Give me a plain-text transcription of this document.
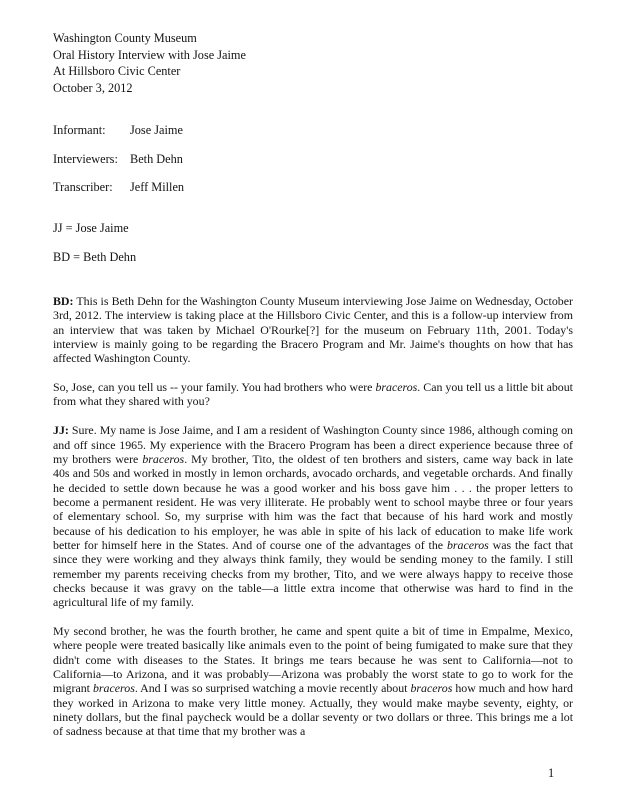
Washington County Museum
Oral History Interview with Jose Jaime
At Hillsboro Civic Center
October 3, 2012
Informant: Jose Jaime
Interviewers: Beth Dehn
Transcriber: Jeff Millen
JJ = Jose Jaime
BD = Beth Dehn

BD: This is Beth Dehn for the Washington County Museum interviewing Jose Jaime on Wednesday, October 3rd, 2012. The interview is taking place at the Hillsboro Civic Center, and this is a follow-up interview from an interview that was taken by Michael O'Rourke[?] for the museum on February 11th, 2001. Today's interview is mainly going to be regarding the Bracero Program and Mr. Jaime's thoughts on how that has affected Washington County.

So, Jose, can you tell us -- your family. You had brothers who were braceros. Can you tell us a little bit about from what they shared with you?

JJ: Sure. My name is Jose Jaime, and I am a resident of Washington County since 1986, although coming on and off since 1965. My experience with the Bracero Program has been a direct experience because three of my brothers were braceros. My brother, Tito, the oldest of ten brothers and sisters, came way back in late 40s and 50s and worked in mostly in lemon orchards, avocado orchards, and vegetable orchards. And finally he decided to settle down because he was a good worker and his boss gave him . . . the proper letters to become a permanent resident. He was very illiterate. He probably went to school maybe three or four years of elementary school. So, my surprise with him was the fact that because of his hard work and mostly because of his dedication to his employer, he was able in spite of his lack of education to make life work better for himself here in the States. And of course one of the advantages of the braceros was the fact that since they were working and they always think family, they would be sending money to the family. I still remember my parents receiving checks from my brother, Tito, and we were always happy to receive those checks because it was gravy on the table—a little extra income that otherwise was hard to find in the agricultural life of my family.

My second brother, he was the fourth brother, he came and spent quite a bit of time in Empalme, Mexico, where people were treated basically like animals even to the point of being fumigated to make sure that they didn't come with diseases to the States. It brings me tears because he was sent to California—not to California—to Arizona, and it was probably—Arizona was probably the worst state to go to work for the migrant braceros. And I was so surprised watching a movie recently about braceros how much and how hard they worked in Arizona to make very little money. Actually, they would make maybe seventy, eighty, or ninety dollars, but the final paycheck would be a dollar seventy or two dollars or three. This brings me a lot of sadness because at that time that my brother was a

1
